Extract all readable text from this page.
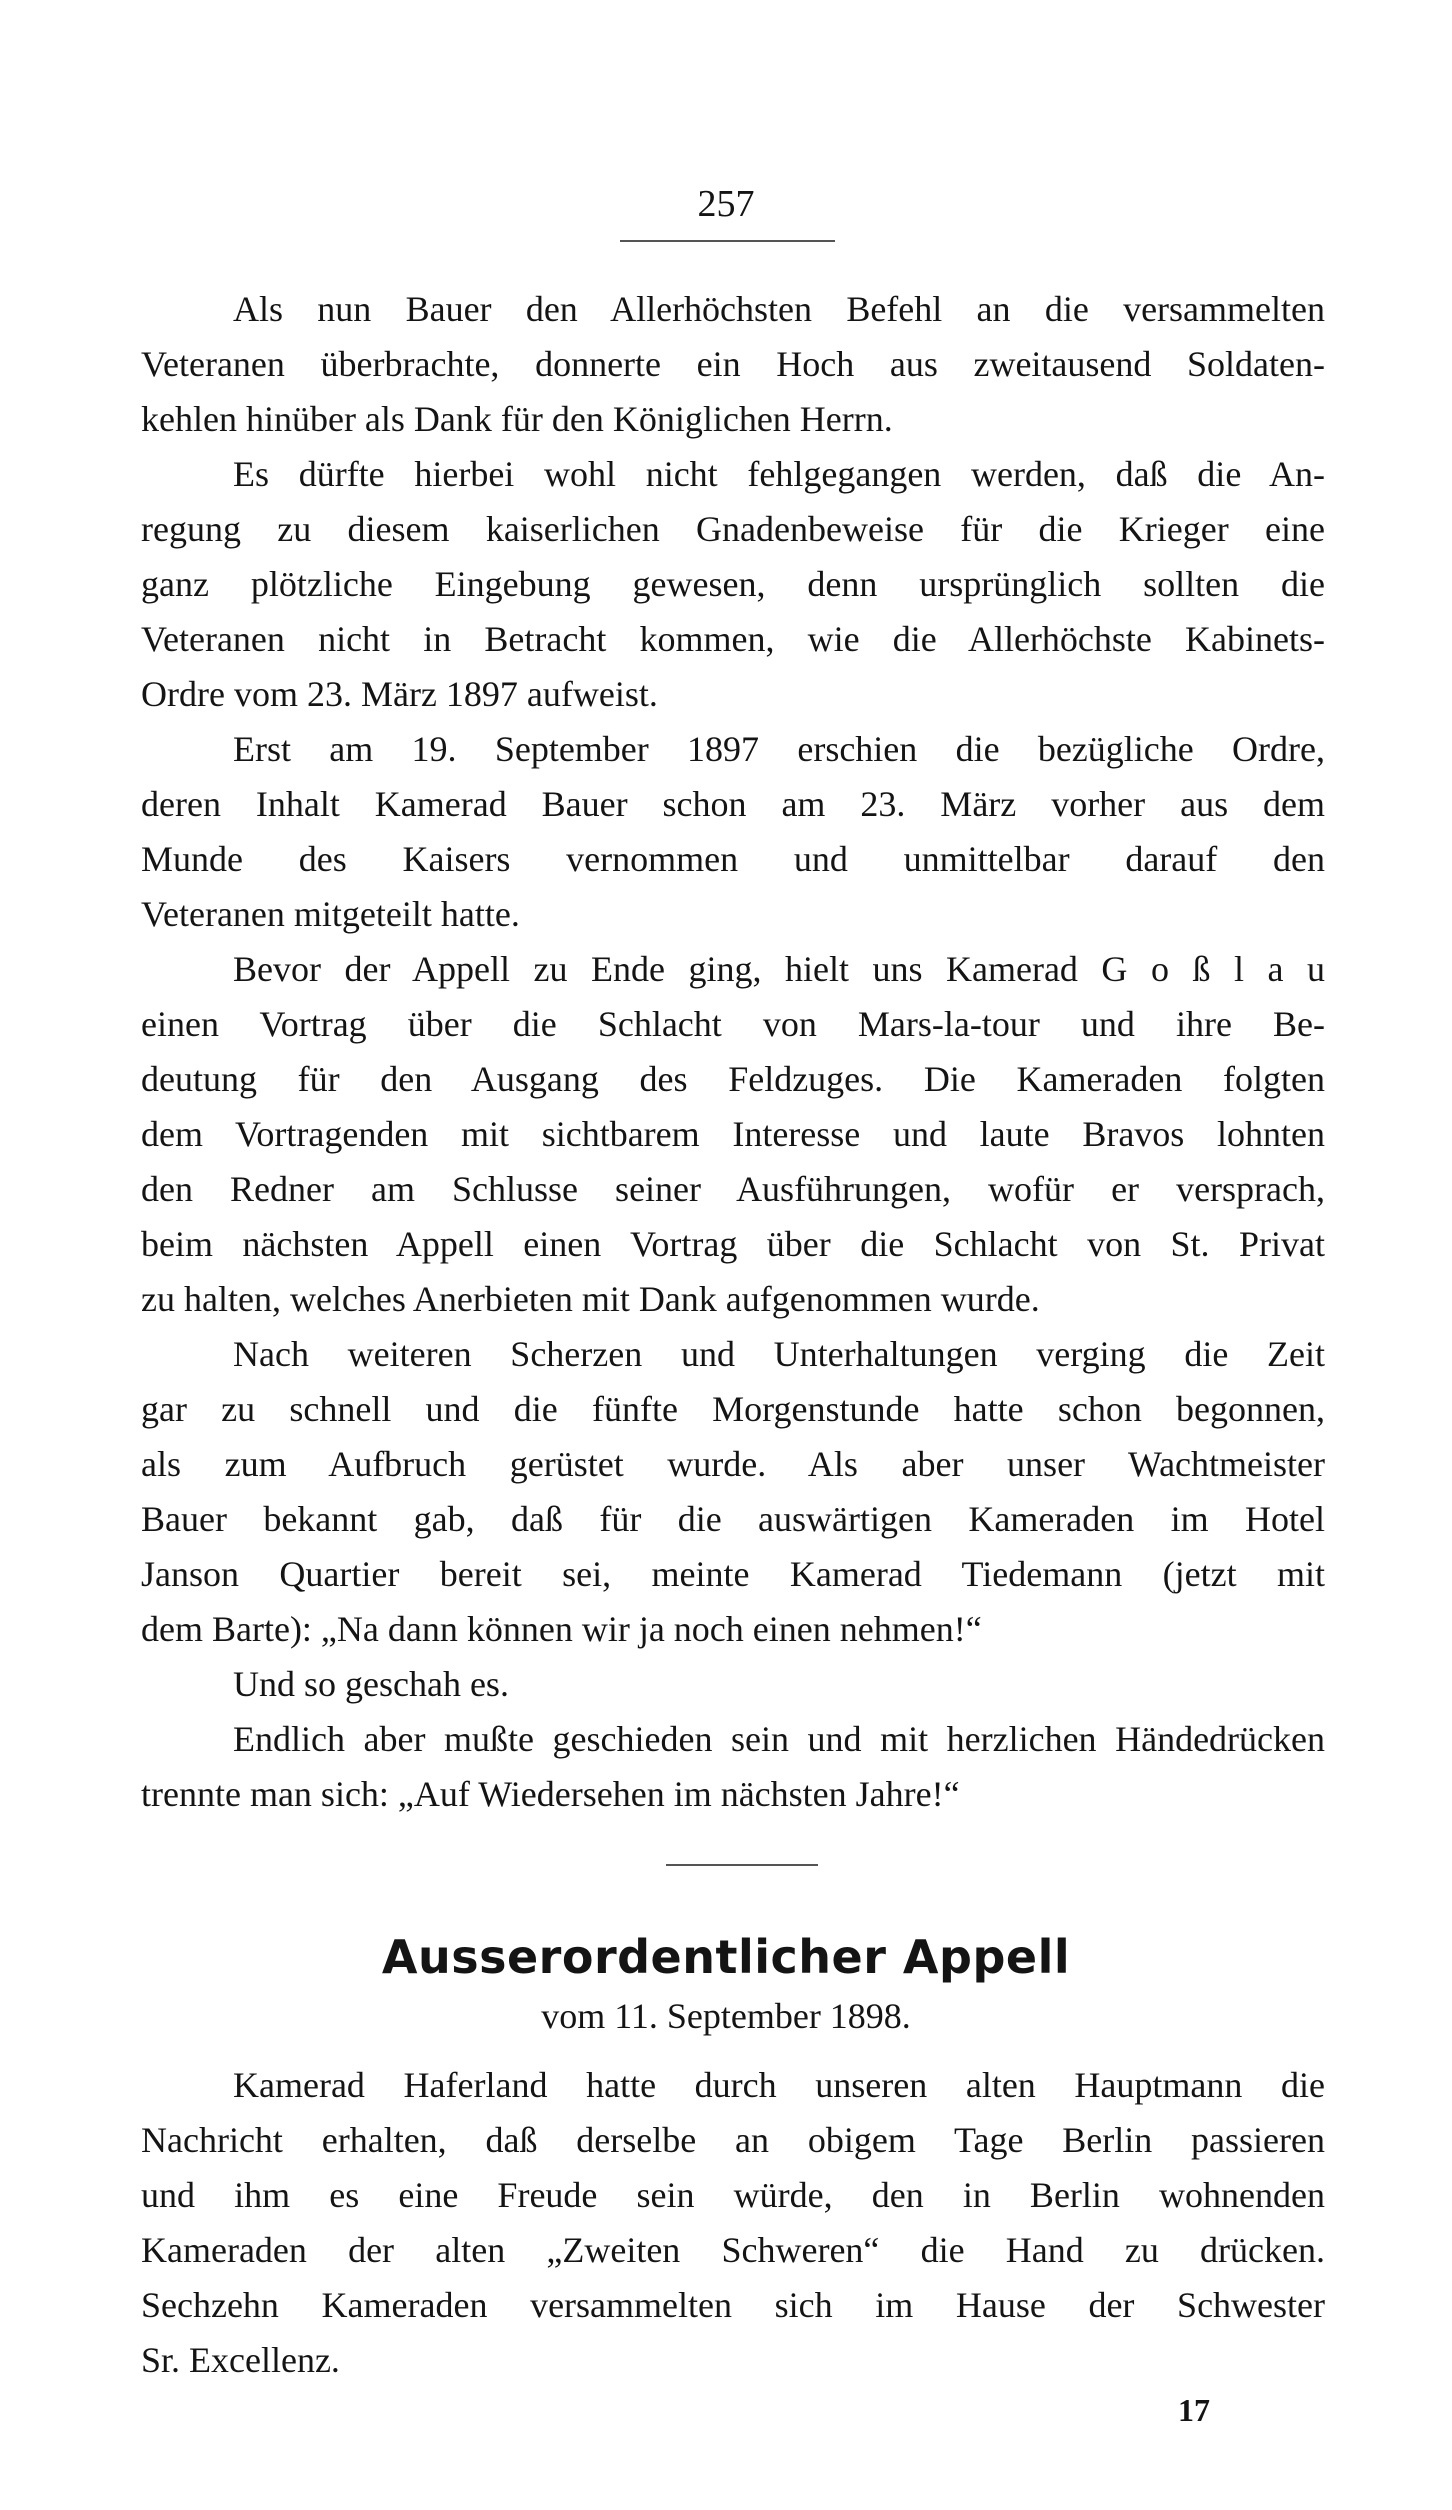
257
Als nun Bauer den Allerhöchsten Befehl an die versammelten
Veteranen überbrachte, donnerte ein Hoch aus zweitausend Soldaten-
kehlen hinüber als Dank für den Königlichen Herrn.
Es dürfte hierbei wohl nicht fehlgegangen werden, daß die An-
regung zu diesem kaiserlichen Gnadenbeweise für die Krieger eine
ganz plötzliche Eingebung gewesen, denn ursprünglich sollten die
Veteranen nicht in Betracht kommen, wie die Allerhöchste Kabinets-
Ordre vom 23. März 1897 aufweist.
Erst am 19. September 1897 erschien die bezügliche Ordre,
deren Inhalt Kamerad Bauer schon am 23. März vorher aus dem
Munde des Kaisers vernommen und unmittelbar darauf den
Veteranen mitgeteilt hatte.
Bevor der Appell zu Ende ging, hielt uns Kamerad G o ß l a u
einen Vortrag über die Schlacht von Mars-la-tour und ihre Be-
deutung für den Ausgang des Feldzuges. Die Kameraden folgten
dem Vortragenden mit sichtbarem Interesse und laute Bravos lohnten
den Redner am Schlusse seiner Ausführungen, wofür er versprach,
beim nächsten Appell einen Vortrag über die Schlacht von St. Privat
zu halten, welches Anerbieten mit Dank aufgenommen wurde.
Nach weiteren Scherzen und Unterhaltungen verging die Zeit
gar zu schnell und die fünfte Morgenstunde hatte schon begonnen,
als zum Aufbruch gerüstet wurde. Als aber unser Wachtmeister
Bauer bekannt gab, daß für die auswärtigen Kameraden im Hotel
Janson Quartier bereit sei, meinte Kamerad Tiedemann (jetzt mit
dem Barte): „Na dann können wir ja noch einen nehmen!“
Und so geschah es.
Endlich aber mußte geschieden sein und mit herzlichen Händedrücken
trennte man sich: „Auf Wiedersehen im nächsten Jahre!“
Ausserordentlicher Appell
vom 11. September 1898.
Kamerad Haferland hatte durch unseren alten Hauptmann die
Nachricht erhalten, daß derselbe an obigem Tage Berlin passieren
und ihm es eine Freude sein würde, den in Berlin wohnenden
Kameraden der alten „Zweiten Schweren“ die Hand zu drücken.
Sechzehn Kameraden versammelten sich im Hause der Schwester
Sr. Excellenz.
17
